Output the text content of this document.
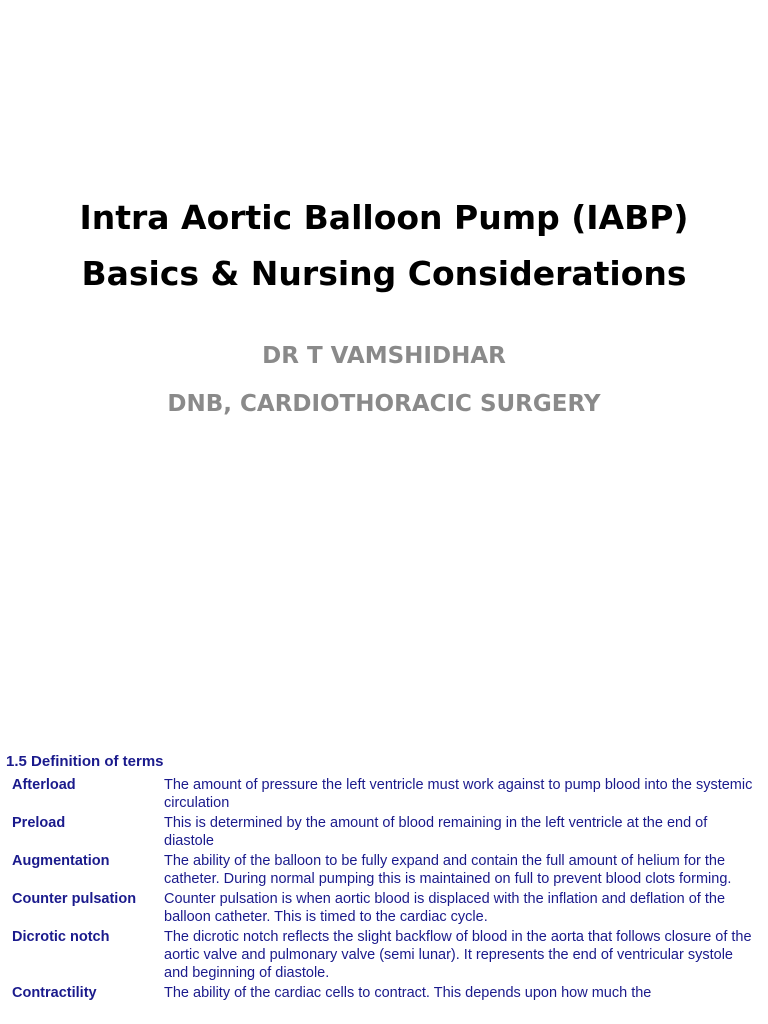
Intra Aortic Balloon Pump (IABP)
Basics & Nursing Considerations
DR T VAMSHIDHAR
DNB, CARDIOTHORACIC SURGERY
1.5 Definition of terms
Afterload	The amount of pressure the left ventricle must work against to pump blood into the systemic circulation
Preload	This is determined by the amount of blood remaining in the left ventricle at the end of diastole
Augmentation	The ability of the balloon to be fully expand and contain the full amount of helium for the catheter. During normal pumping this is maintained on full to prevent blood clots forming.
Counter pulsation	Counter pulsation is when aortic blood is displaced with the inflation and deflation of the balloon catheter. This is timed to the cardiac cycle.
Dicrotic notch	The dicrotic notch reflects the slight backflow of blood in the aorta that follows closure of the aortic valve and pulmonary valve (semi lunar). It represents the end of ventricular systole and beginning of diastole.
Contractility	The ability of the cardiac cells to contract. This depends upon how much the
